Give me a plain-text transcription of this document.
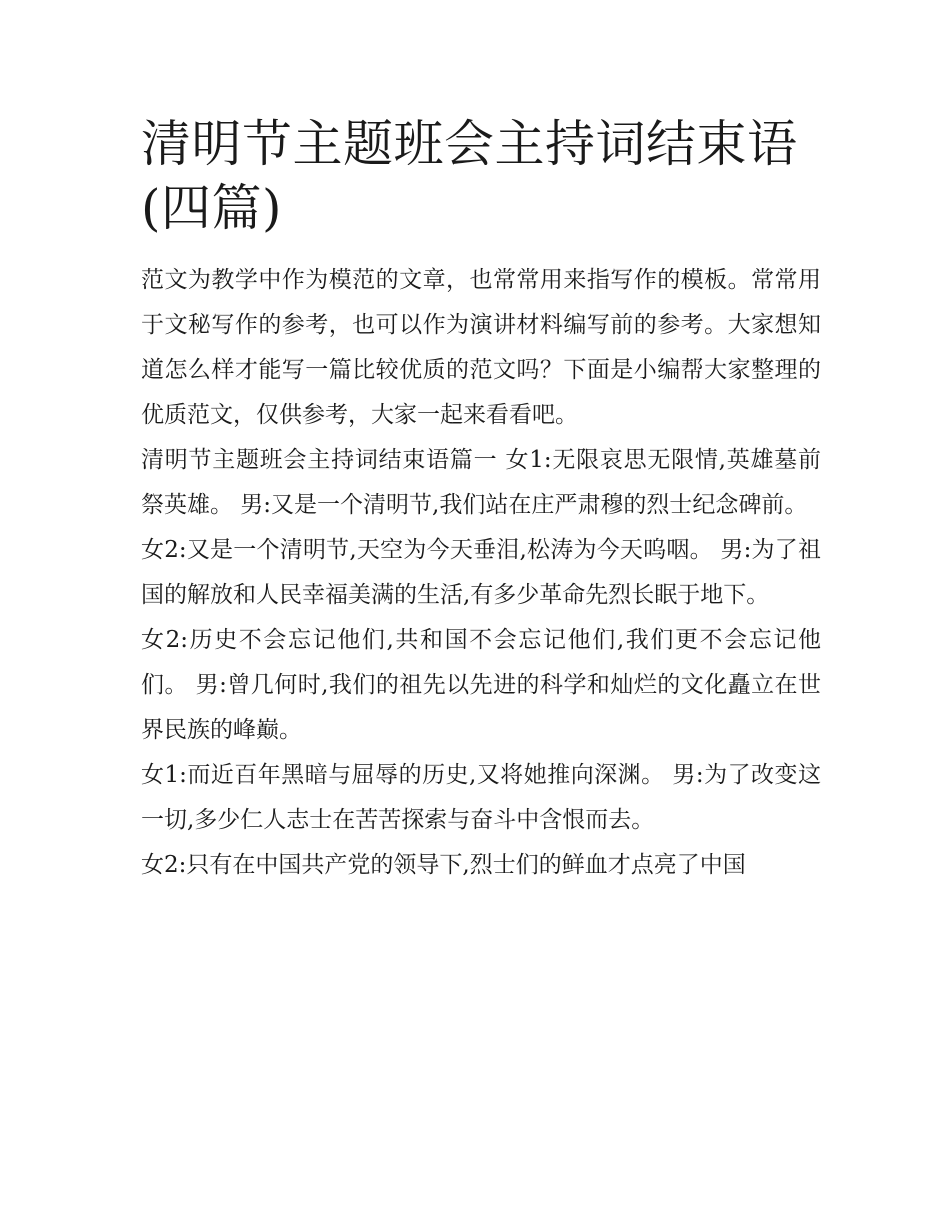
清明节主题班会主持词结束语(四篇)

范文为教学中作为模范的文章，也常常用来指写作的模板。常常用于文秘写作的参考，也可以作为演讲材料编写前的参考。大家想知道怎么样才能写一篇比较优质的范文吗？下面是小编帮大家整理的优质范文，仅供参考，大家一起来看看吧。

清明节主题班会主持词结束语篇一 女1:无限哀思无限情,英雄墓前祭英雄。 男:又是一个清明节,我们站在庄严肃穆的烈士纪念碑前。

女2:又是一个清明节,天空为今天垂泪,松涛为今天呜咽。 男:为了祖国的解放和人民幸福美满的生活,有多少革命先烈长眠于地下。

女2:历史不会忘记他们,共和国不会忘记他们,我们更不会忘记他们。 男:曾几何时,我们的祖先以先进的科学和灿烂的文化矗立在世界民族的峰巅。

女1:而近百年黑暗与屈辱的历史,又将她推向深渊。 男:为了改变这一切,多少仁人志士在苦苦探索与奋斗中含恨而去。

女2:只有在中国共产党的领导下,烈士们的鲜血才点亮了中国
